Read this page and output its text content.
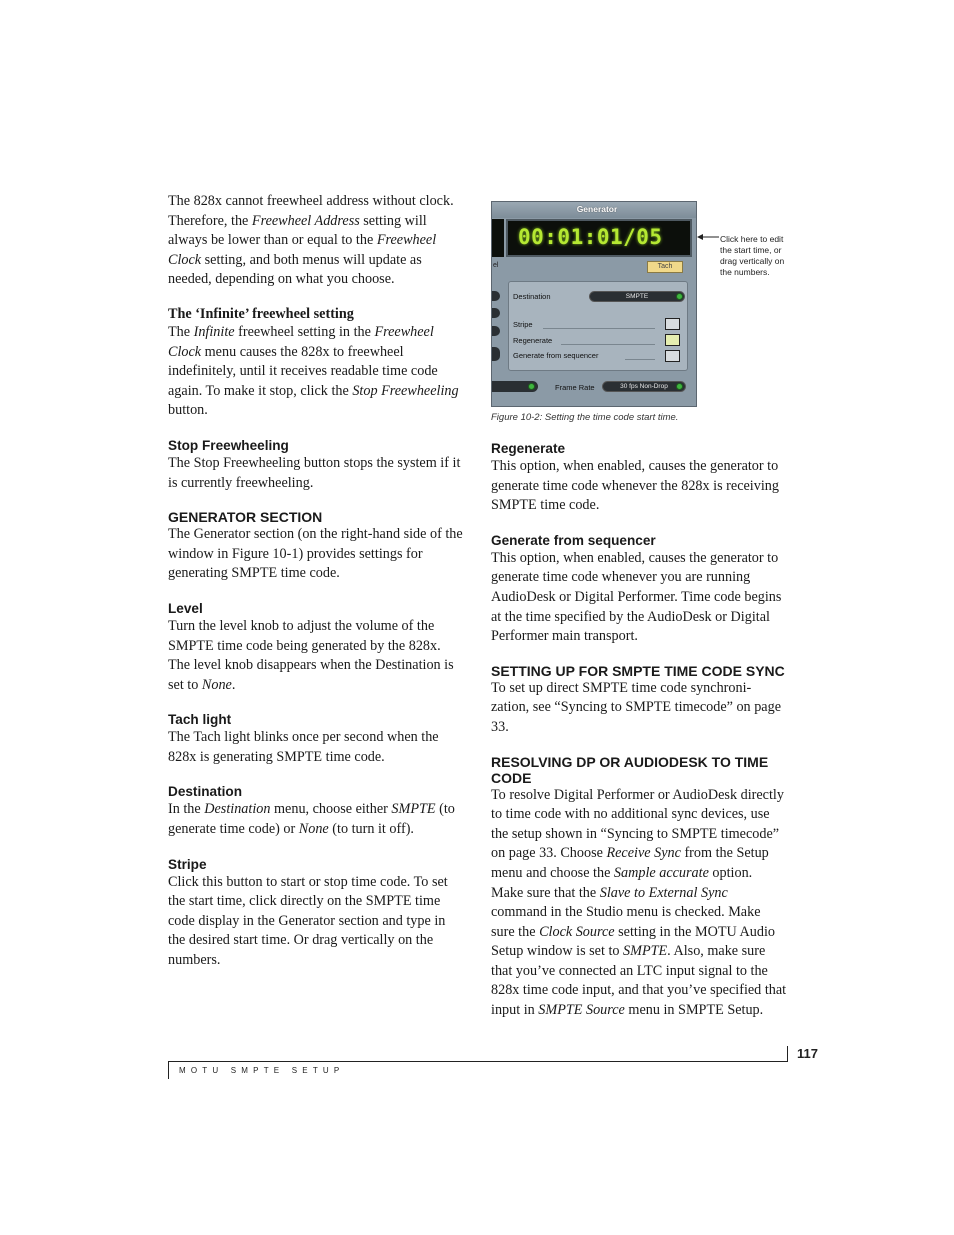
The 828x cannot freewheel address without clock. Therefore, the Freewheel Address setting will always be lower than or equal to the Freewheel Clock setting, and both menus will update as needed, depending on what you choose.

The ‘Infinite’ freewheel setting

The Infinite freewheel setting in the Freewheel Clock menu causes the 828x to freewheel indefinitely, until it receives readable time code again. To make it stop, click the Stop Freewheeling button.

Stop Freewheeling

The Stop Freewheeling button stops the system if it is currently freewheeling.

GENERATOR SECTION

The Generator section (on the right-hand side of the window in Figure 10-1) provides settings for generating SMPTE time code.

Level

Turn the level knob to adjust the volume of the SMPTE time code being generated by the 828x. The level knob disappears when the Destination is set to None.

Tach light

The Tach light blinks once per second when the 828x is generating SMPTE time code.

Destination

In the Destination menu, choose either SMPTE (to generate time code) or None (to turn it off).

Stripe

Click this button to start or stop time code. To set the start time, click directly on the SMPTE time code display in the Generator section and type in the desired start time. Or drag vertically on the numbers.

Generator
00:01:01/05
el	Tach
Destination	SMPTE
Stripe
Regenerate
Generate from sequencer
Frame Rate	30 fps Non-Drop
Click here to edit the start time, or drag vertically on the numbers.
Figure 10-2: Setting the time code start time.
Regenerate

This option, when enabled, causes the generator to generate time code whenever the 828x is receiving SMPTE time code.

Generate from sequencer

This option, when enabled, causes the generator to generate time code whenever you are running AudioDesk or Digital Performer. Time code begins at the time specified by the AudioDesk or Digital Performer main transport.

SETTING UP FOR SMPTE TIME CODE SYNC

To set up direct SMPTE time code synchroni-zation, see “Syncing to SMPTE timecode” on page 33.

RESOLVING DP OR AUDIODESK TO TIME CODE

To resolve Digital Performer or AudioDesk directly to time code with no additional sync devices, use the setup shown in “Syncing to SMPTE timecode” on page 33. Choose Receive Sync from the Setup menu and choose the Sample accurate option. Make sure that the Slave to External Sync command in the Studio menu is checked. Make sure the Clock Source setting in the MOTU Audio Setup window is set to SMPTE. Also, make sure that you’ve connected an LTC input signal to the 828x time code input, and that you’ve specified that input in SMPTE Source menu in SMPTE Setup.

MOTU SMPTE SETUP
117
